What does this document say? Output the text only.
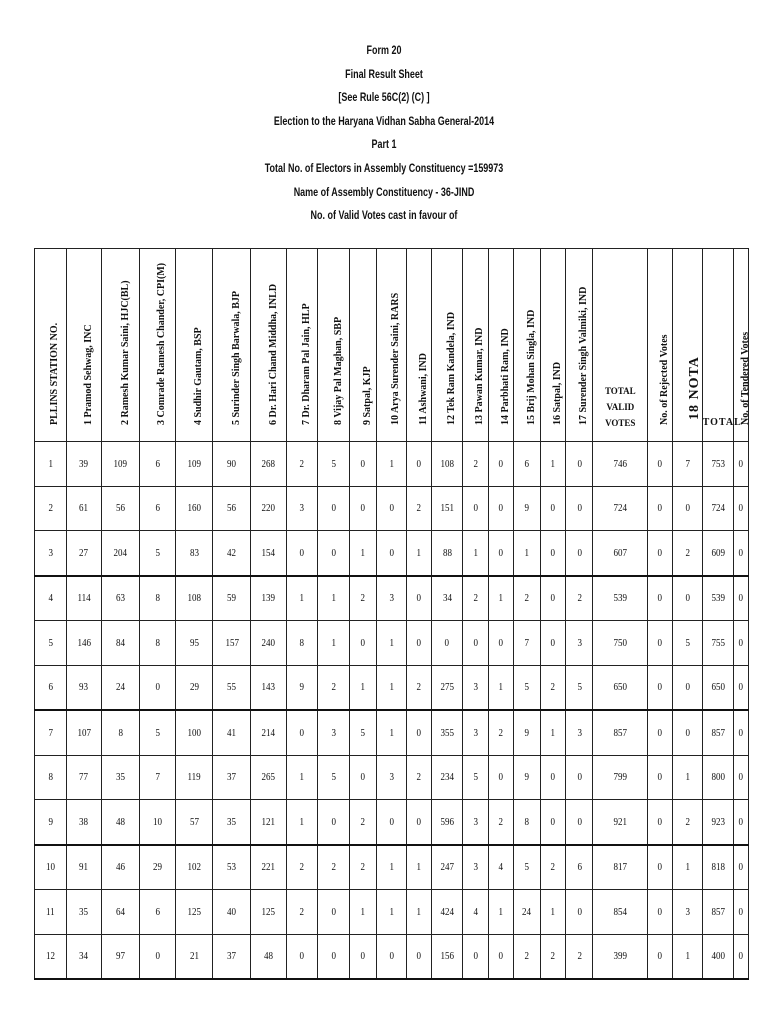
Form 20
Final Result Sheet
[See Rule 56C(2) (C) ]
Election to the Haryana Vidhan Sabha General-2014
Part 1
Total No. of Electors in Assembly Constituency =159973
Name of Assembly Constituency - 36-JIND
No. of Valid Votes cast in favour of
PLLINS STATION NO.	1 Pramod Sehwag, INC	2 Ramesh Kumar Saini, HJC(BL)	3 Comrade Ramesh Chander, CPI(M)	4 Sudhir Gautam, BSP	5 Surinder Singh Barwala, BJP	6 Dr. Hari Chand Middha, INLD	7 Dr. Dharam Pal Jain, HLP	8 Vijay Pal Maghan, SBP	9 Satpal, KJP	10 Arya Surender Saini, RARS	11 Ashwani, IND	12 Tek Ram Kandela, IND	13 Pawan Kumar, IND	14 Parbhati Ram, IND	15 Brij Mohan Singla, IND	16 Satpal, IND	17 Surender Singh Valmiki, IND	TOTAL VALID VOTES	No. of Rejected Votes	18 NOTA	TOTAL	No. of Tendered Votes

1	39	109	6	109	90	268	2	5	0	1	0	108	2	0	6	1	0	746	0	7	753	0
2	61	56	6	160	56	220	3	0	0	0	2	151	0	0	9	0	0	724	0	0	724	0
3	27	204	5	83	42	154	0	0	1	0	1	88	1	0	1	0	0	607	0	2	609	0
4	114	63	8	108	59	139	1	1	2	3	0	34	2	1	2	0	2	539	0	0	539	0
5	146	84	8	95	157	240	8	1	0	1	0	0	0	0	7	0	3	750	0	5	755	0
6	93	24	0	29	55	143	9	2	1	1	2	275	3	1	5	2	5	650	0	0	650	0
7	107	8	5	100	41	214	0	3	5	1	0	355	3	2	9	1	3	857	0	0	857	0
8	77	35	7	119	37	265	1	5	0	3	2	234	5	0	9	0	0	799	0	1	800	0
9	38	48	10	57	35	121	1	0	2	0	0	596	3	2	8	0	0	921	0	2	923	0
10	91	46	29	102	53	221	2	2	2	1	1	247	3	4	5	2	6	817	0	1	818	0
11	35	64	6	125	40	125	2	0	1	1	1	424	4	1	24	1	0	854	0	3	857	0
12	34	97	0	21	37	48	0	0	0	0	0	156	0	0	2	2	2	399	0	1	400	0
